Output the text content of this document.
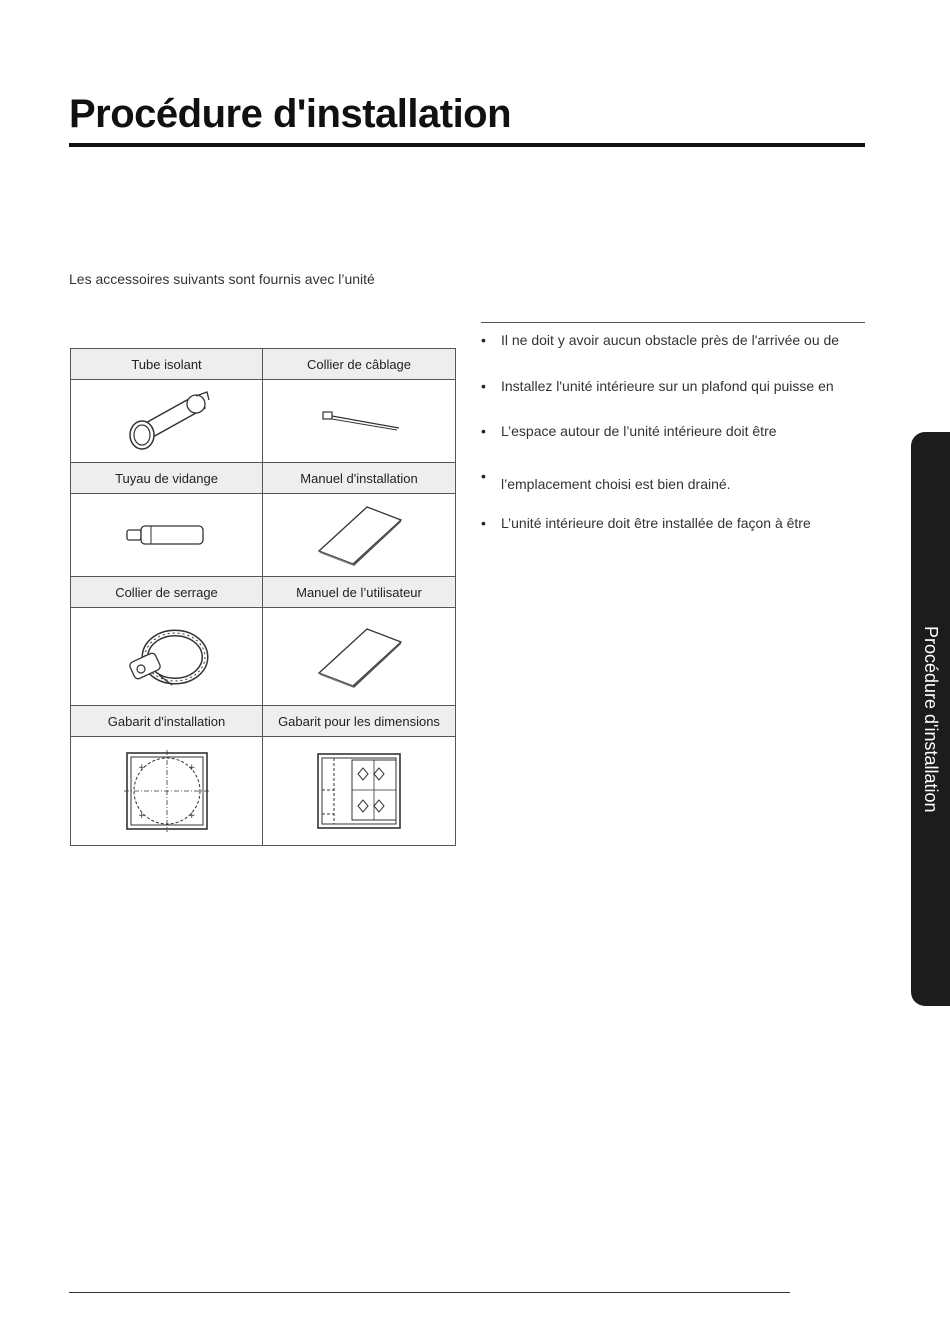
Procédure d'installation

Les accessoires suivants sont fournis avec l’unité

Tube isolant	Collier de câblage

Tuyau de vidange	Manuel d'installation

Collier de serrage	Manuel de l’utilisateur

Gabarit d'installation	Gabarit pour les dimensions

+ +
+ +

• Il ne doit y avoir aucun obstacle près de l'arrivée ou de
• Installez l'unité intérieure sur un plafond qui puisse en
• L’espace autour de l’unité intérieure doit être
• l’emplacement choisi est bien drainé.
• L’unité intérieure doit être installée de façon à être
Procédure d'installation
